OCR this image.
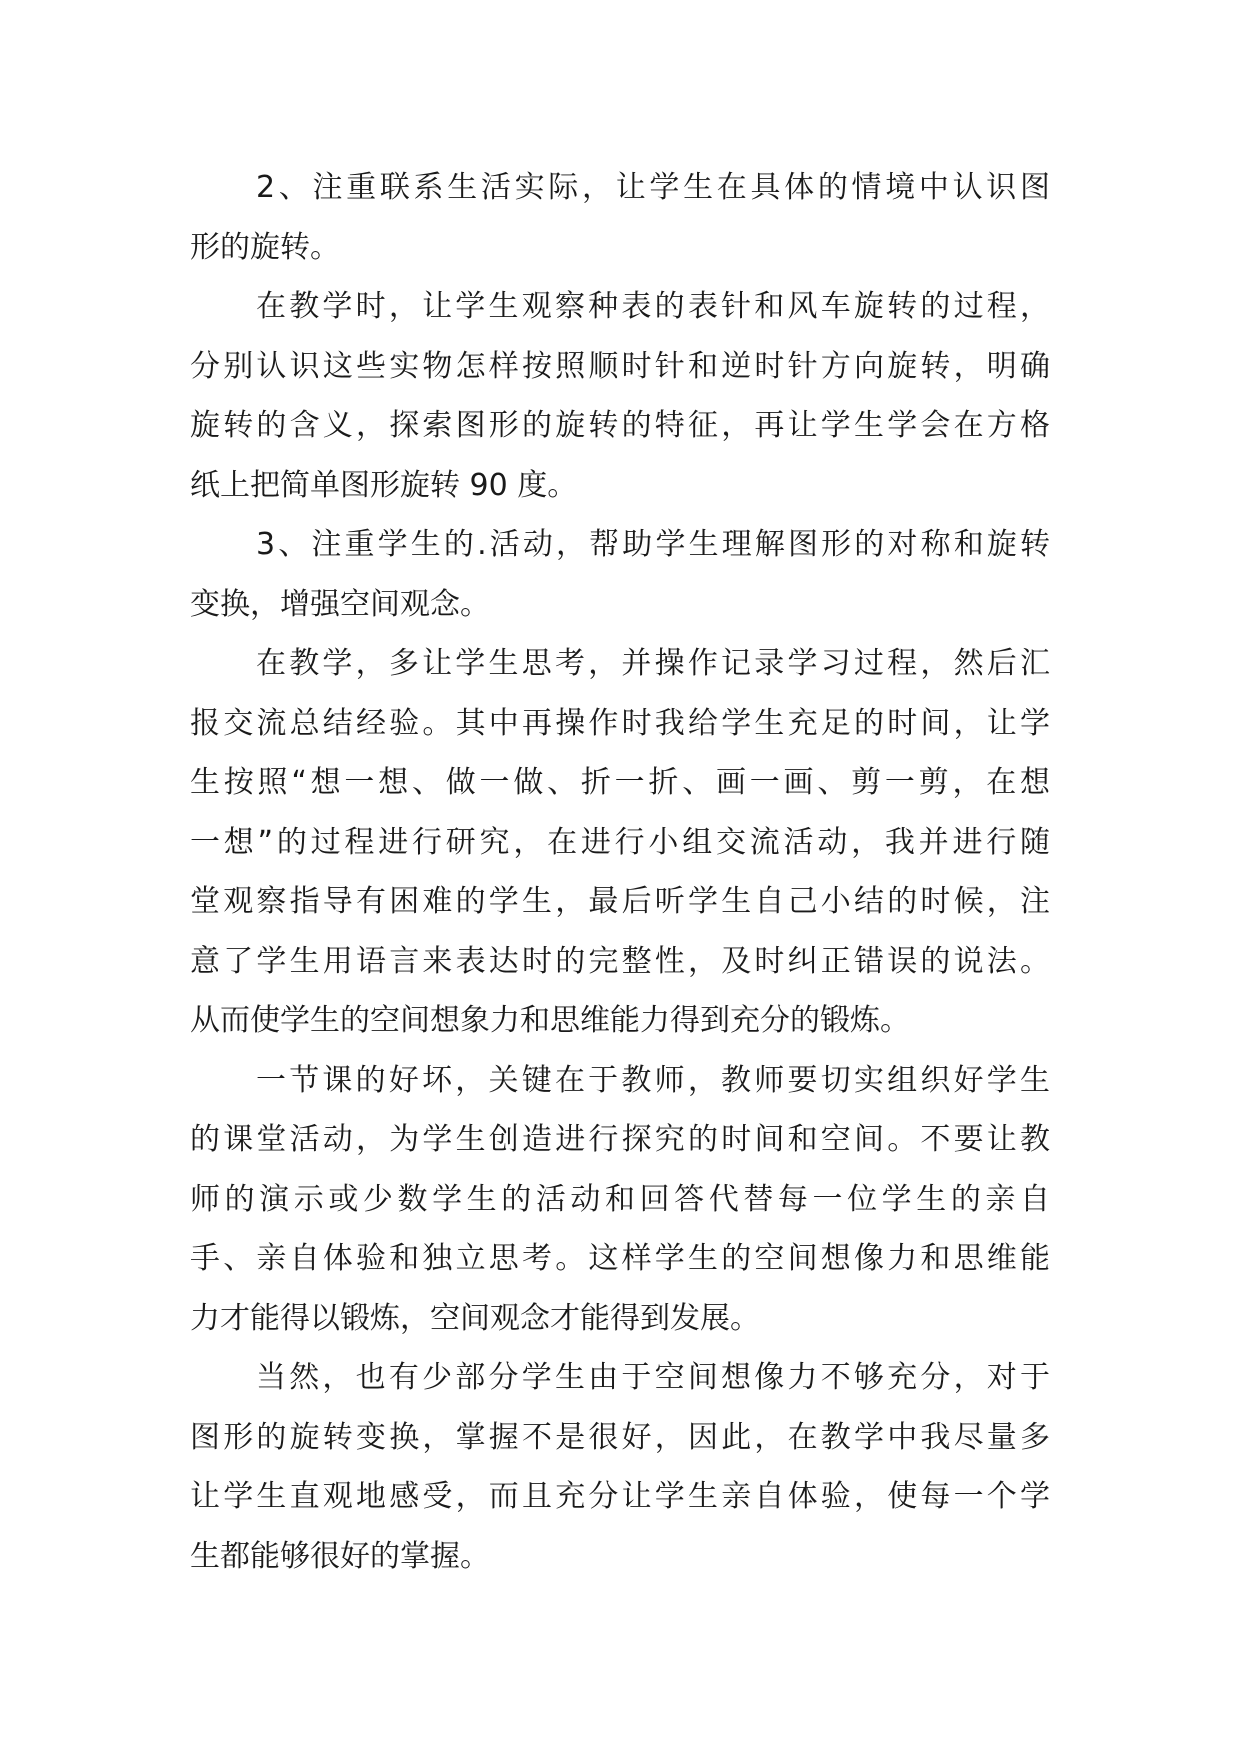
2、注重联系生活实际，让学生在具体的情境中认识图
形的旋转。
在教学时，让学生观察种表的表针和风车旋转的过程，
分别认识这些实物怎样按照顺时针和逆时针方向旋转，明确
旋转的含义，探索图形的旋转的特征，再让学生学会在方格
纸上把简单图形旋转 90 度。
3、注重学生的.活动，帮助学生理解图形的对称和旋转
变换，增强空间观念。
在教学，多让学生思考，并操作记录学习过程，然后汇
报交流总结经验。其中再操作时我给学生充足的时间，让学
生按照“想一想、做一做、折一折、画一画、剪一剪，在想
一想”的过程进行研究，在进行小组交流活动，我并进行随
堂观察指导有困难的学生，最后听学生自己小结的时候，注
意了学生用语言来表达时的完整性，及时纠正错误的说法。
从而使学生的空间想象力和思维能力得到充分的锻炼。
一节课的好坏，关键在于教师，教师要切实组织好学生
的课堂活动，为学生创造进行探究的时间和空间。不要让教
师的演示或少数学生的活动和回答代替每一位学生的亲自
手、亲自体验和独立思考。这样学生的空间想像力和思维能
力才能得以锻炼，空间观念才能得到发展。
当然，也有少部分学生由于空间想像力不够充分，对于
图形的旋转变换，掌握不是很好，因此，在教学中我尽量多
让学生直观地感受，而且充分让学生亲自体验，使每一个学
生都能够很好的掌握。
